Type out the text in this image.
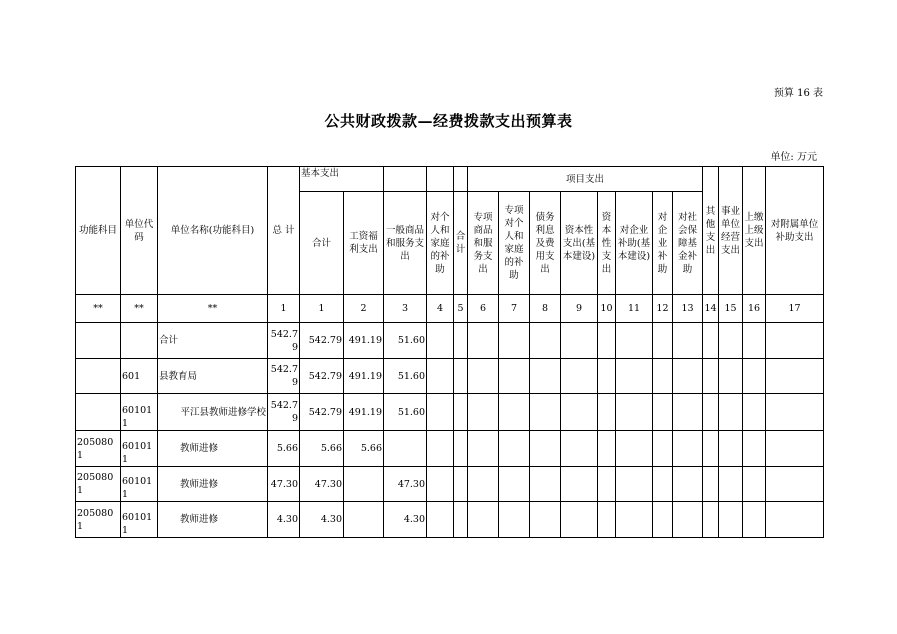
预算 16 表
公共财政拨款—经费拨款支出预算表
单位: 万元
功能科目	单位代码	单位名称(功能科目)	总 计	基本支出					项目支出								其他支出	事业单位经营支出	上缴上级支出	对附属单位补助支出
				合计	工资福利支出	一般商品和服务支出	对个人和家庭的补助	合计	专项商品和服务支出	专项对个人和家庭的补助	债务利息及费用支出	资本性支出(基本建设)	资本性支出	对企业补助(基本建设)	对企业补助	对社会保障基金补助				
**	**	**	1	1	2	3	4	5	6	7	8	9	10	11	12	13	14	15	16	17
		合计	542.79	542.79	491.19	51.60														
	601	县教育局	542.79	542.79	491.19	51.60														
	601011	平江县教师进修学校	542.79	542.79	491.19	51.60														
2050801	601011	教师进修	5.66	5.66	5.66															
2050801	601011	教师进修	47.30	47.30		47.30														
2050801	601011	教师进修	4.30	4.30		4.30														
